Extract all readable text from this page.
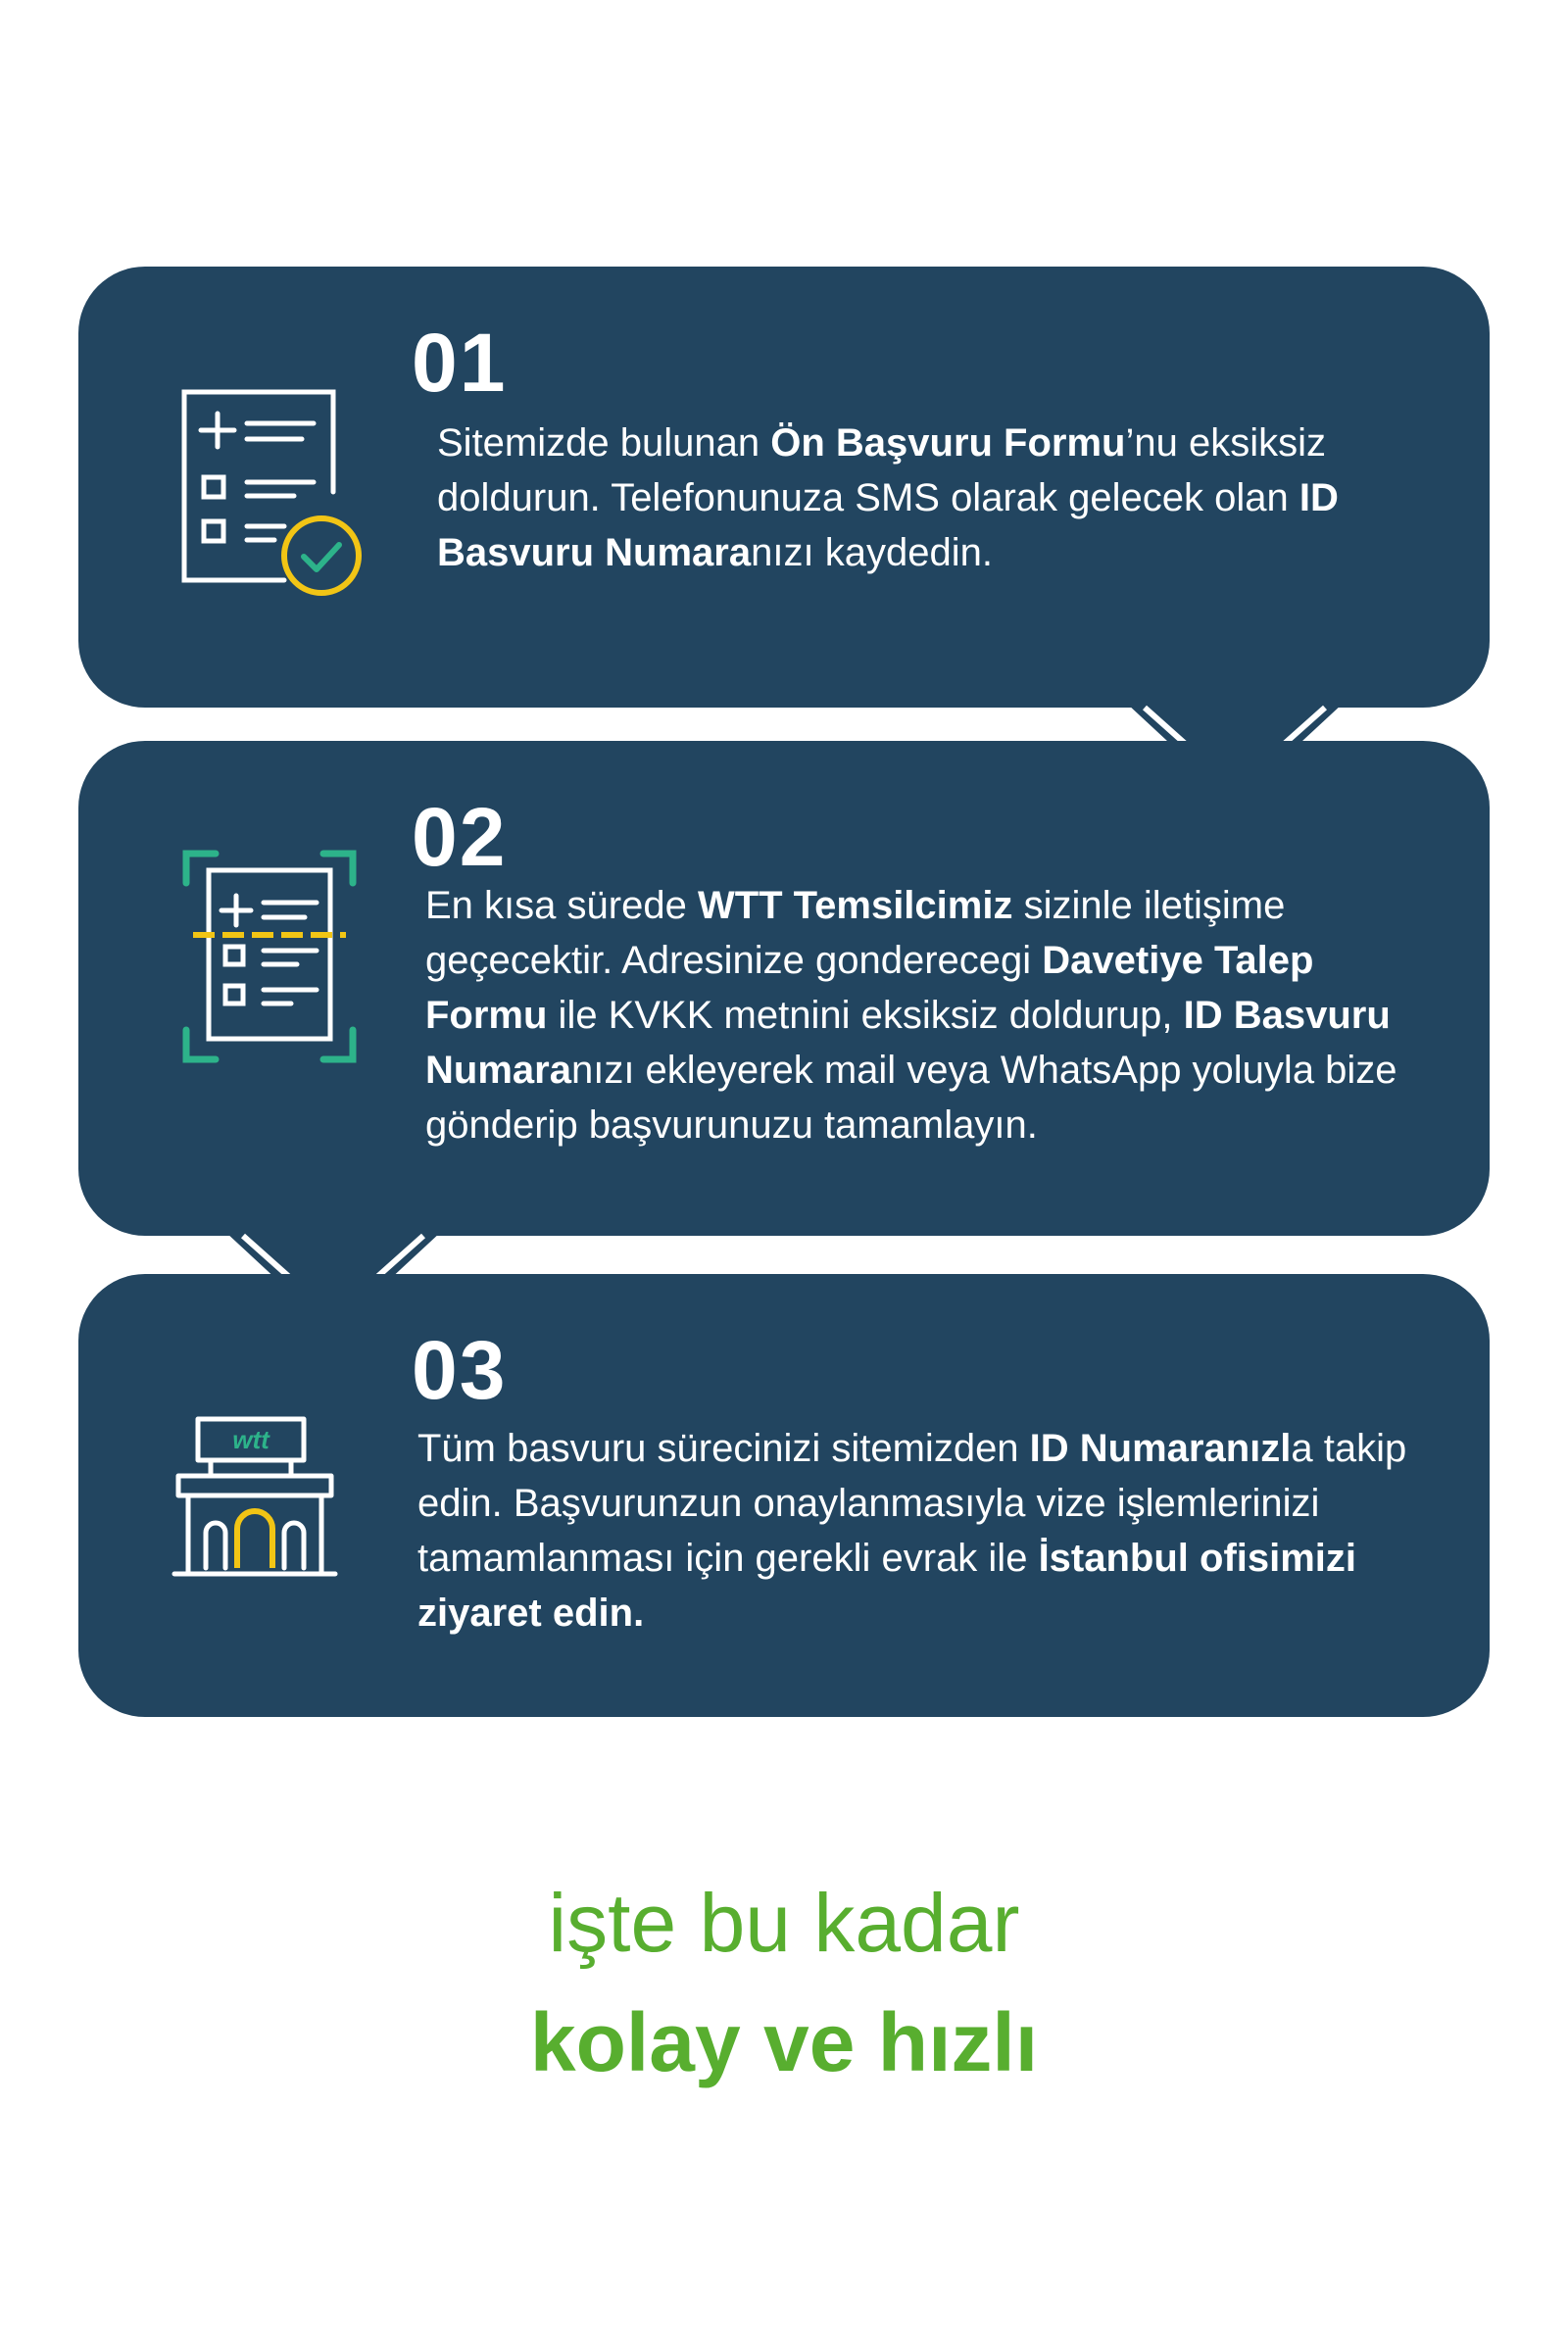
01
Sitemizde bulunan Ön Başvuru Formu’nu eksiksiz doldurun. Telefonunuza SMS olarak gelecek olan ID Basvuru Numaranızı kaydedin.
02
En kısa sürede WTT Temsilcimiz sizinle iletişime geçecektir. Adresinize gonderecegi Davetiye Talep Formu ile KVKK metnini eksiksiz doldurup, ID Basvuru Numaranızı ekleyerek mail veya WhatsApp yoluyla bize gönderip başvurunuzu tamamlayın.
wtt
03
Tüm basvuru sürecinizi sitemizden ID Numaranızla takip edin. Başvurunzun onaylanmasıyla vize işlemlerinizi tamamlanması için gerekli evrak ile İstanbul ofisimizi ziyaret edin.
işte bu kadar
kolay ve hızlı
